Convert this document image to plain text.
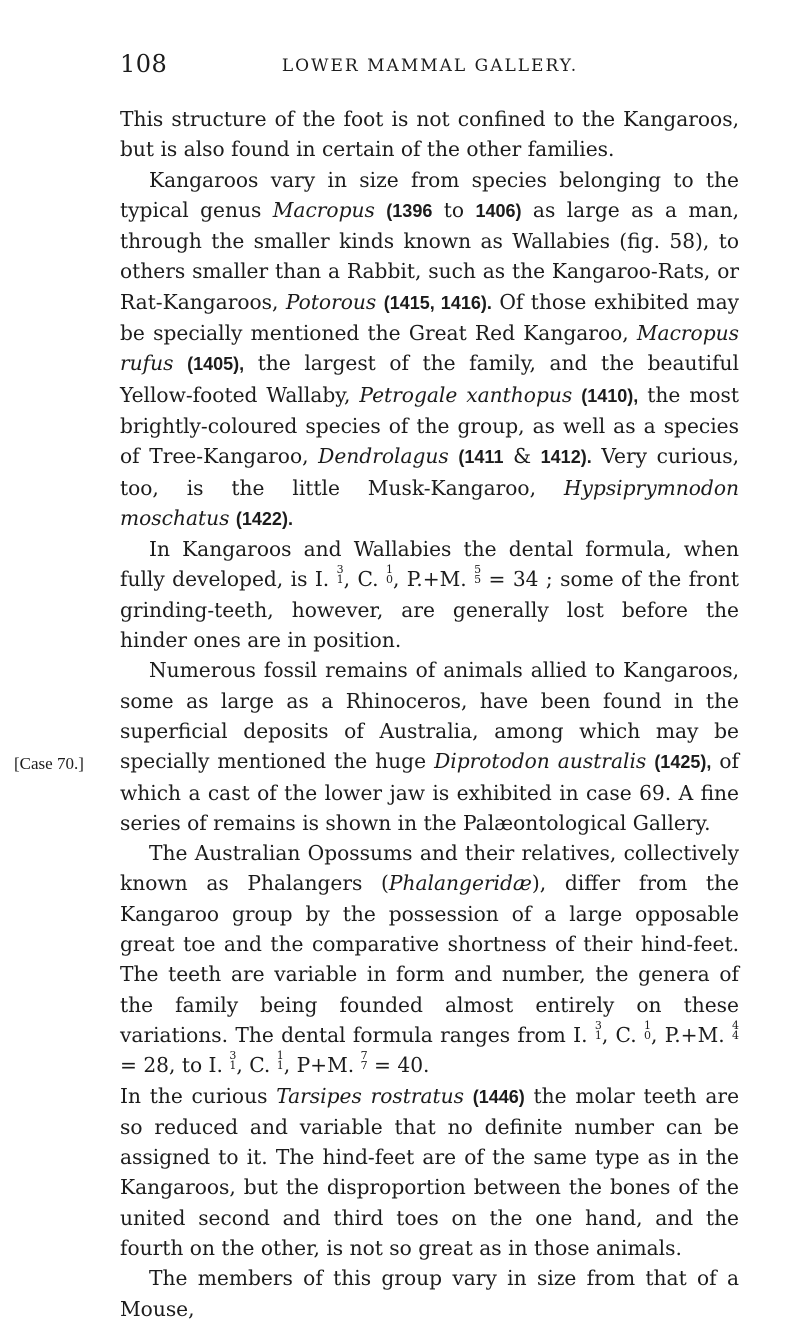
108	LOWER MAMMAL GALLERY.
[Case 70.]

This structure of the foot is not confined to the Kangaroos, but is also found in certain of the other families.

Kangaroos vary in size from species belonging to the typical genus Macropus (1396 to 1406) as large as a man, through the smaller kinds known as Wallabies (fig. 58), to others smaller than a Rabbit, such as the Kangaroo-Rats, or Rat-Kangaroos, Potorous (1415, 1416). Of those exhibited may be specially mentioned the Great Red Kangaroo, Macropus rufus (1405), the largest of the family, and the beautiful Yellow-footed Wallaby, Petrogale xanthopus (1410), the most brightly-coloured species of the group, as well as a species of Tree-Kangaroo, Dendrolagus (1411 & 1412). Very curious, too, is the little Musk-Kangaroo, Hypsiprymnodon moschatus (1422).

In Kangaroos and Wallabies the dental formula, when fully developed, is I. 3
1 , C. 1
0 , P.+M. 5
5 = 34 ; some of the front grinding-teeth, however, are generally lost before the hinder ones are in position.

Numerous fossil remains of animals allied to Kangaroos, some as large as a Rhinoceros, have been found in the superficial deposits of Australia, among which may be specially mentioned the huge Diprotodon australis (1425), of which a cast of the lower jaw is exhibited in case 69. A fine series of remains is shown in the Palæontological Gallery.

The Australian Opossums and their relatives, collectively known as Phalangers (Phalangeridæ), differ from the Kangaroo group by the possession of a large opposable great toe and the comparative shortness of their hind-feet. The teeth are variable in form and number, the genera of the family being founded almost entirely on these variations. The dental formula ranges from I. 3
1 , C. 1
0 , P.+M. 4
4
= 28, to I. 3
1 , C. 1
1 , P+M. 7
7 = 40.

In the curious Tarsipes rostratus (1446) the molar teeth are so reduced and variable that no definite number can be assigned to it. The hind-feet are of the same type as in the Kangaroos, but the disproportion between the bones of the united second and third toes on the one hand, and the fourth on the other, is not so great as in those animals.

The members of this group vary in size from that of a Mouse,
